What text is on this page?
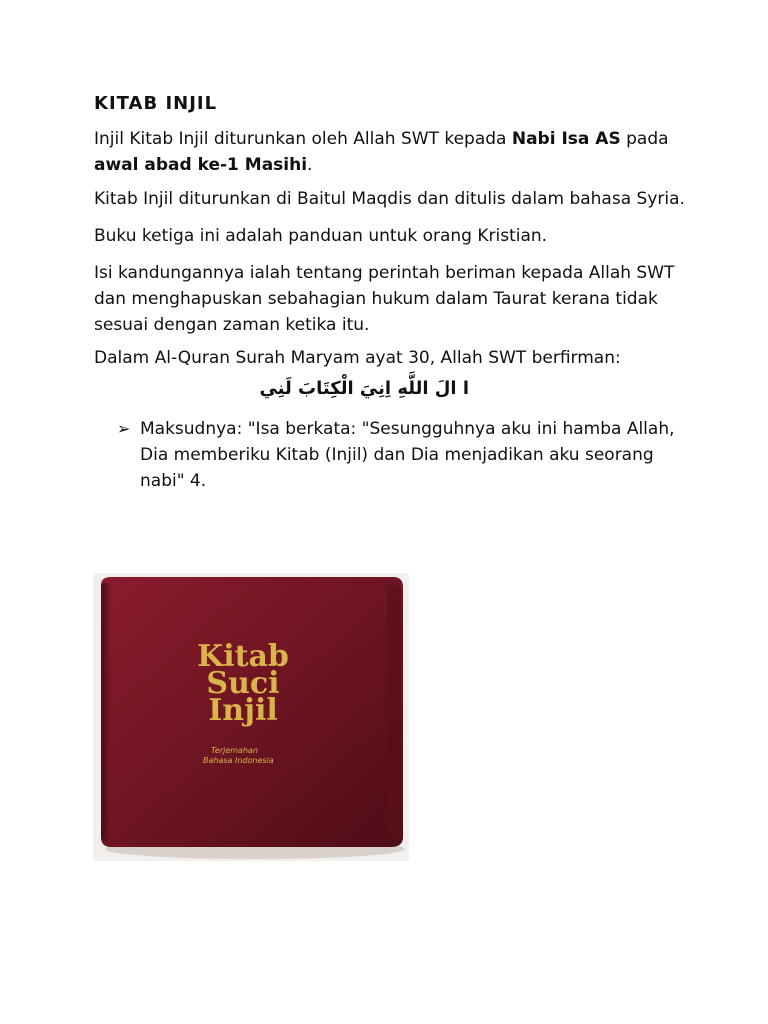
KITAB INJIL
Injil Kitab Injil diturunkan oleh Allah SWT kepada Nabi Isa AS pada awal abad ke-1 Masihi.
Kitab Injil diturunkan di Baitul Maqdis dan ditulis dalam bahasa Syria.
Buku ketiga ini adalah panduan untuk orang Kristian.
Isi kandungannya ialah tentang perintah beriman kepada Allah SWT dan menghapuskan sebahagian hukum dalam Taurat kerana tidak sesuai dengan zaman ketika itu.
Dalam Al-Quran Surah Maryam ayat 30, Allah SWT berfirman:
ا الَ اللَّهِ اِنِيَ الْكِتَابَ لَنِي
➢ Maksudnya: "Isa berkata: "Sesungguhnya aku ini hamba Allah, Dia memberiku Kitab (Injil) dan Dia menjadikan aku seorang nabi" 4.
Kitab
Suci
Injil
Terjemahan
Bahasa Indonesia
